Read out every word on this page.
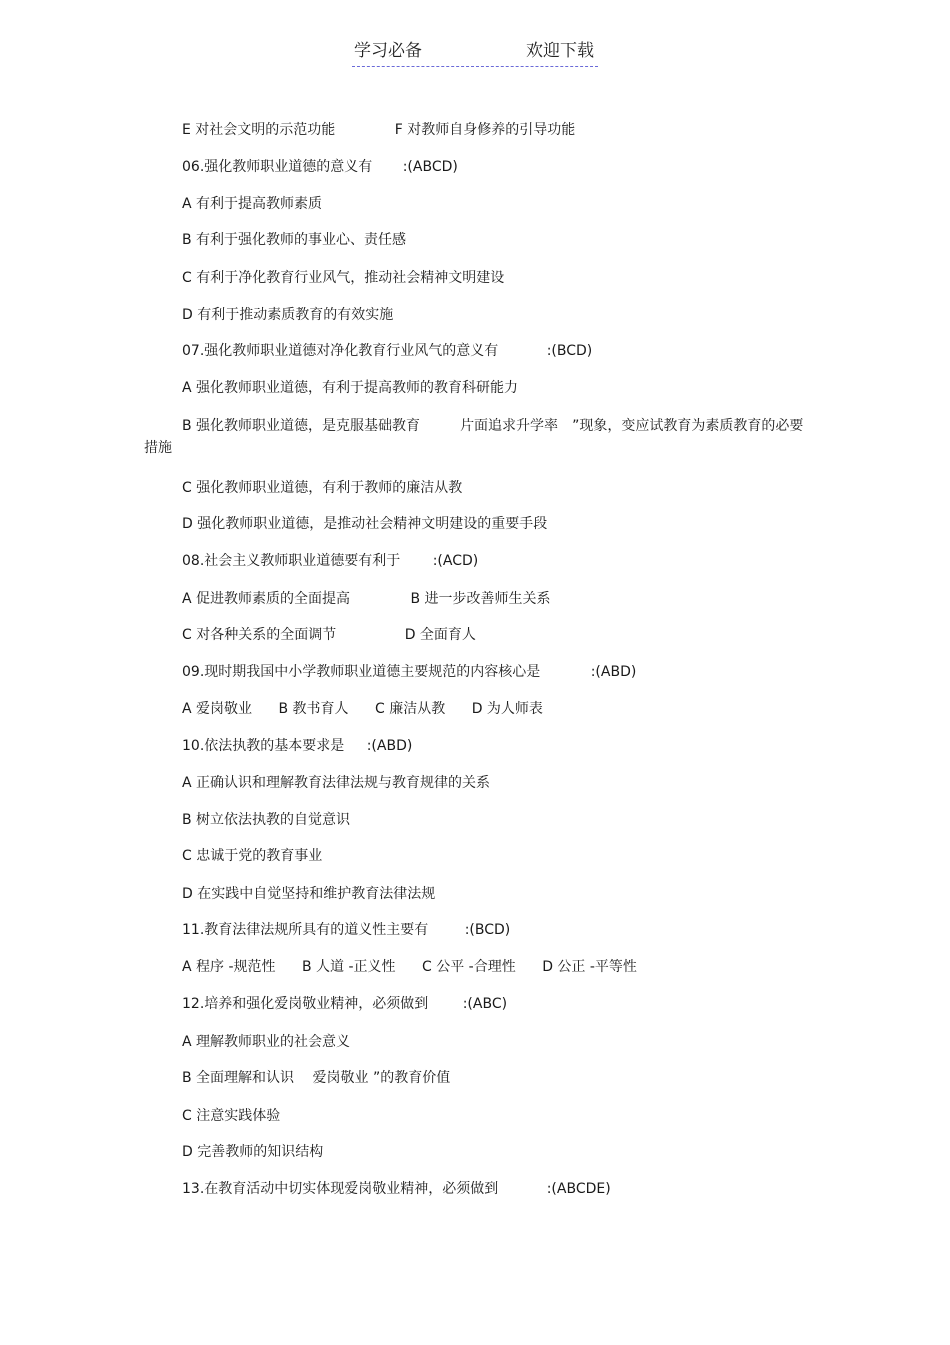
学习必备	欢迎下载
E 对社会文明的示范功能	F 对教师自身修养的引导功能
06.强化教师职业道德的意义有 :(ABCD)
A 有利于提高教师素质
B 有利于强化教师的事业心、责任感
C 有利于净化教育行业风气，推动社会精神文明建设
D 有利于推动素质教育的有效实施
07.强化教师职业道德对净化教育行业风气的意义有	:(BCD)
A 强化教师职业道德，有利于提高教师的教育科研能力
B 强化教师职业道德，是克服基础教育	片面追求升学率 ”现象，变应试教育为素质教育的必要措施
C 强化教师职业道德，有利于教师的廉洁从教
D 强化教师职业道德，是推动社会精神文明建设的重要手段
08.社会主义教师职业道德要有利于 :(ACD)
A 促进教师素质的全面提高	B 进一步改善师生关系
C 对各种关系的全面调节	D 全面育人
09.现时期我国中小学教师职业道德主要规范的内容核心是	:(ABD)
A 爱岗敬业 B 教书育人 C 廉洁从教 D 为人师表
10.依法执教的基本要求是 :(ABD)
A 正确认识和理解教育法律法规与教育规律的关系
B 树立依法执教的自觉意识
C 忠诚于党的教育事业
D 在实践中自觉坚持和维护教育法律法规
11.教育法律法规所具有的道义性主要有	:(BCD)
A 程序 -规范性 B 人道 -正义性 C 公平 -合理性 D 公正 -平等性
12.培养和强化爱岗敬业精神，必须做到 :(ABC)
A 理解教师职业的社会意义
B 全面理解和认识 爱岗敬业 ”的教育价值
C 注意实践体验
D 完善教师的知识结构
13.在教育活动中切实体现爱岗敬业精神，必须做到	:(ABCDE)
